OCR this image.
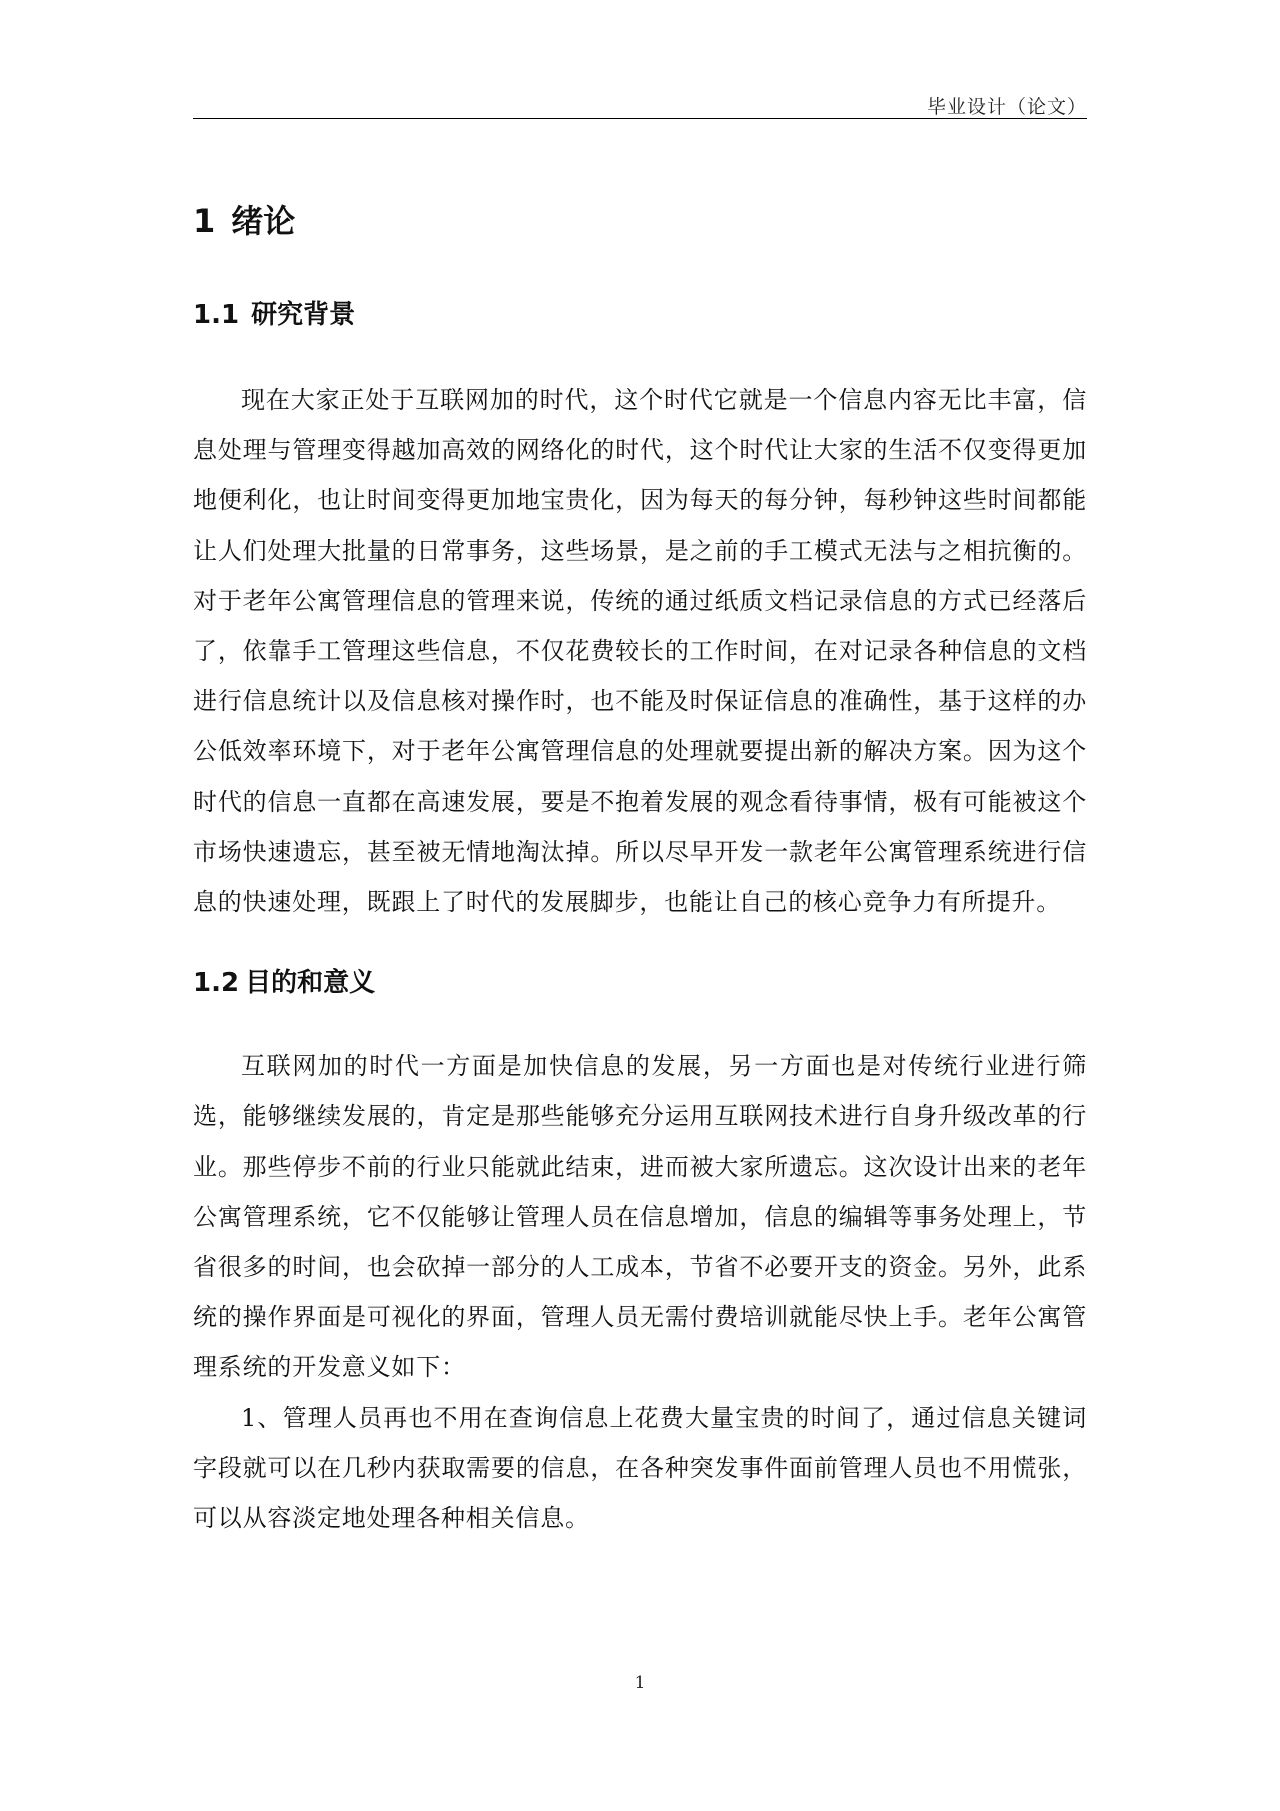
毕业设计（论文）
1 绪论
1.1 研究背景

现在大家正处于互联网加的时代，这个时代它就是一个信息内容无比丰富，信息处理与管理变得越加高效的网络化的时代，这个时代让大家的生活不仅变得更加地便利化，也让时间变得更加地宝贵化，因为每天的每分钟，每秒钟这些时间都能让人们处理大批量的日常事务，这些场景，是之前的手工模式无法与之相抗衡的。对于老年公寓管理信息的管理来说，传统的通过纸质文档记录信息的方式已经落后了，依靠手工管理这些信息，不仅花费较长的工作时间，在对记录各种信息的文档进行信息统计以及信息核对操作时，也不能及时保证信息的准确性，基于这样的办公低效率环境下，对于老年公寓管理信息的处理就要提出新的解决方案。因为这个时代的信息一直都在高速发展，要是不抱着发展的观念看待事情，极有可能被这个市场快速遗忘，甚至被无情地淘汰掉。所以尽早开发一款老年公寓管理系统进行信息的快速处理，既跟上了时代的发展脚步，也能让自己的核心竞争力有所提升。

1.2 目的和意义

互联网加的时代一方面是加快信息的发展，另一方面也是对传统行业进行筛选，能够继续发展的，肯定是那些能够充分运用互联网技术进行自身升级改革的行业。那些停步不前的行业只能就此结束，进而被大家所遗忘。这次设计出来的老年公寓管理系统，它不仅能够让管理人员在信息增加，信息的编辑等事务处理上，节省很多的时间，也会砍掉一部分的人工成本，节省不必要开支的资金。另外，此系统的操作界面是可视化的界面，管理人员无需付费培训就能尽快上手。老年公寓管理系统的开发意义如下：

1、管理人员再也不用在查询信息上花费大量宝贵的时间了，通过信息关键词字段就可以在几秒内获取需要的信息，在各种突发事件面前管理人员也不用慌张，可以从容淡定地处理各种相关信息。

1
